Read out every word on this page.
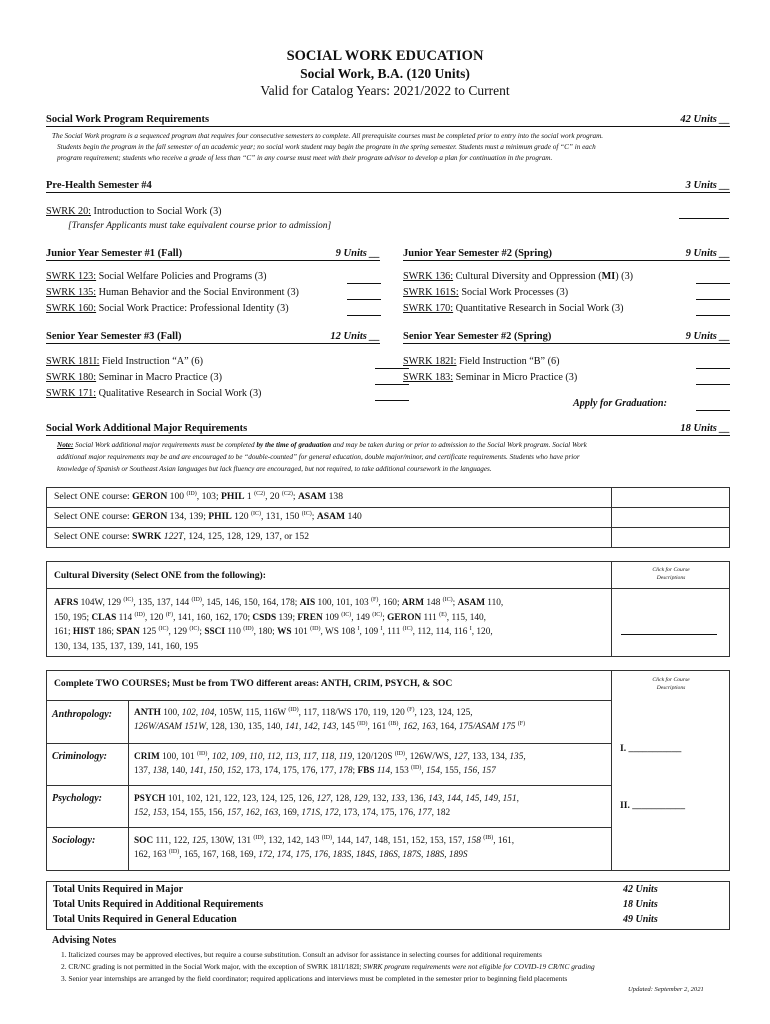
SOCIAL WORK EDUCATION
Social Work, B.A. (120 Units)
Valid for Catalog Years: 2021/2022 to Current
Social Work Program Requirements	42 Units __
The Social Work program is a sequenced program that requires four consecutive semesters to complete. All prerequisite courses must be completed prior to entry into the social work program.
Students begin the program in the fall semester of an academic year; no social work student may begin the program in the spring semester. Students must a minimum grade of “C” in each
program requirement; students who receive a grade of less than “C” in any course must meet with their program advisor to develop a plan for continuation in the program.
Pre-Health Semester #4	3 Units __
SWRK 20: Introduction to Social Work (3)
[Transfer Applicants must take equivalent course prior to admission]
Junior Year Semester #1 (Fall)	9 Units __
SWRK 123: Social Welfare Policies and Programs (3)
SWRK 135: Human Behavior and the Social Environment (3)
SWRK 160: Social Work Practice: Professional Identity (3)
Junior Year Semester #2 (Spring)	9 Units __
SWRK 136: Cultural Diversity and Oppression (MI) (3)
SWRK 161S: Social Work Processes (3)
SWRK 170: Quantitative Research in Social Work (3)
Senior Year Semester #3 (Fall)	12 Units __
SWRK 181I: Field Instruction “A” (6)
SWRK 180: Seminar in Macro Practice (3)
SWRK 171: Qualitative Research in Social Work (3)
Senior Year Semester #2 (Spring)	9 Units __
SWRK 182I: Field Instruction “B” (6)
SWRK 183: Seminar in Micro Practice (3)
Apply for Graduation:
Social Work Additional Major Requirements	18 Units __
Note: Social Work additional major requirements must be completed by the time of graduation and may be taken during or prior to admission to the Social Work program. Social Work
additional major requirements may be and are encouraged to be “double-counted” for general education, double major/minor, and certificate requirements. Students who have prior
knowledge of Spanish or Southeast Asian languages but lack fluency are encouraged, but not required, to take additional coursework in the languages.
Select ONE course: GERON 100 $^{(ID)}$, 103; PHIL 1 $^{(C2)}$, 20 $^{(C2)}$; ASAM 138
Select ONE course: GERON 134, 139; PHIL 120 $^{(IC)}$, 131, 150 $^{(IC)}$; ASAM 140
Select ONE course: SWRK 122T, 124, 125, 128, 129, 137, or 152
Cultural Diversity (Select ONE from the following):	Click for Course
Descriptions
AFRS 104W, 129 $^{(IC)}$, 135, 137, 144 $^{(ID)}$, 145, 146, 150, 164, 178; AIS 100, 101, 103 $^{(F)}$, 160; ARM 148 $^{(IC)}$; ASAM 110,
150, 195; CLAS 114 $^{(ID)}$, 120 $^{(F)}$, 141, 160, 162, 170; CSDS 139; FREN 109 $^{(IC)}$, 149 $^{(IC)}$; GERON 111 $^{(E)}$, 115, 140,
161; HIST 186; SPAN 125 $^{(IC)}$, 129 $^{(IC)}$; SSCI 110 $^{(ID)}$, 180; WS 101 $^{(ID)}$, WS 108 $^I$, 109 $^I$, 111 $^{(IC)}$, 112, 114, 116 $^I$, 120,
130, 134, 135, 137, 139, 141, 160, 195
Complete TWO COURSES; Must be from TWO different areas: ANTH, CRIM, PSYCH, & SOC	Click for Course
Descriptions
Anthropology: ANTH 100, 102, 104, 105W, 115, 116W $^{(ID)}$, 117, 118/WS 170, 119, 120 $^{(F)}$, 123, 124, 125,
126W/ASAM 151W, 128, 130, 135, 140, 141, 142, 143, 145 $^{(ID)}$, 161 $^{(IB)}$, 162, 163, 164, 175/ASAM 175 $^{(F)}$
Criminology:	CRIM 100, 101 $^{(ID)}$, 102, 109, 110, 112, 113, 117, 118, 119, 120/120S $^{(ID)}$, 126W/WS, 127, 133, 134, 135,
137, 138, 140, 141, 150, 152, 173, 174, 175, 176, 177, 178; FBS 114, 153 $^{(ID)}$, 154, 155, 156, 157
Psychology:	PSYCH 101, 102, 121, 122, 123, 124, 125, 126, 127, 128, 129, 132, 133, 136, 143, 144, 145, 149, 151,
152, 153, 154, 155, 156, 157, 162, 163, 169, 171S, 172, 173, 174, 175, 176, 177, 182
Sociology:	SOC 111, 122, 125, 130W, 131 $^{(ID)}$, 132, 142, 143 $^{(ID)}$, 144, 147, 148, 151, 152, 153, 157, 158 $^{(IB)}$, 161,
162, 163 $^{(ID)}$, 165, 167, 168, 169, 172, 174, 175, 176, 183S, 184S, 186S, 187S, 188S, 189S
I. ___________
II. ___________
Total Units Required in Major	42 Units
Total Units Required in Additional Requirements	18 Units
Total Units Required in General Education	49 Units
Advising Notes
1. Italicized courses may be approved electives, but require a course substitution. Consult an advisor for assistance in selecting courses for additional requirements
2. CR/NC grading is not permitted in the Social Work major, with the exception of SWRK 181I/182I; SWRK program requirements were not eligible for COVID-19 CR/NC grading
3. Senior year internships are arranged by the field coordinator; required applications and interviews must be completed in the semester prior to beginning field placements
Updated: September 2, 2021
